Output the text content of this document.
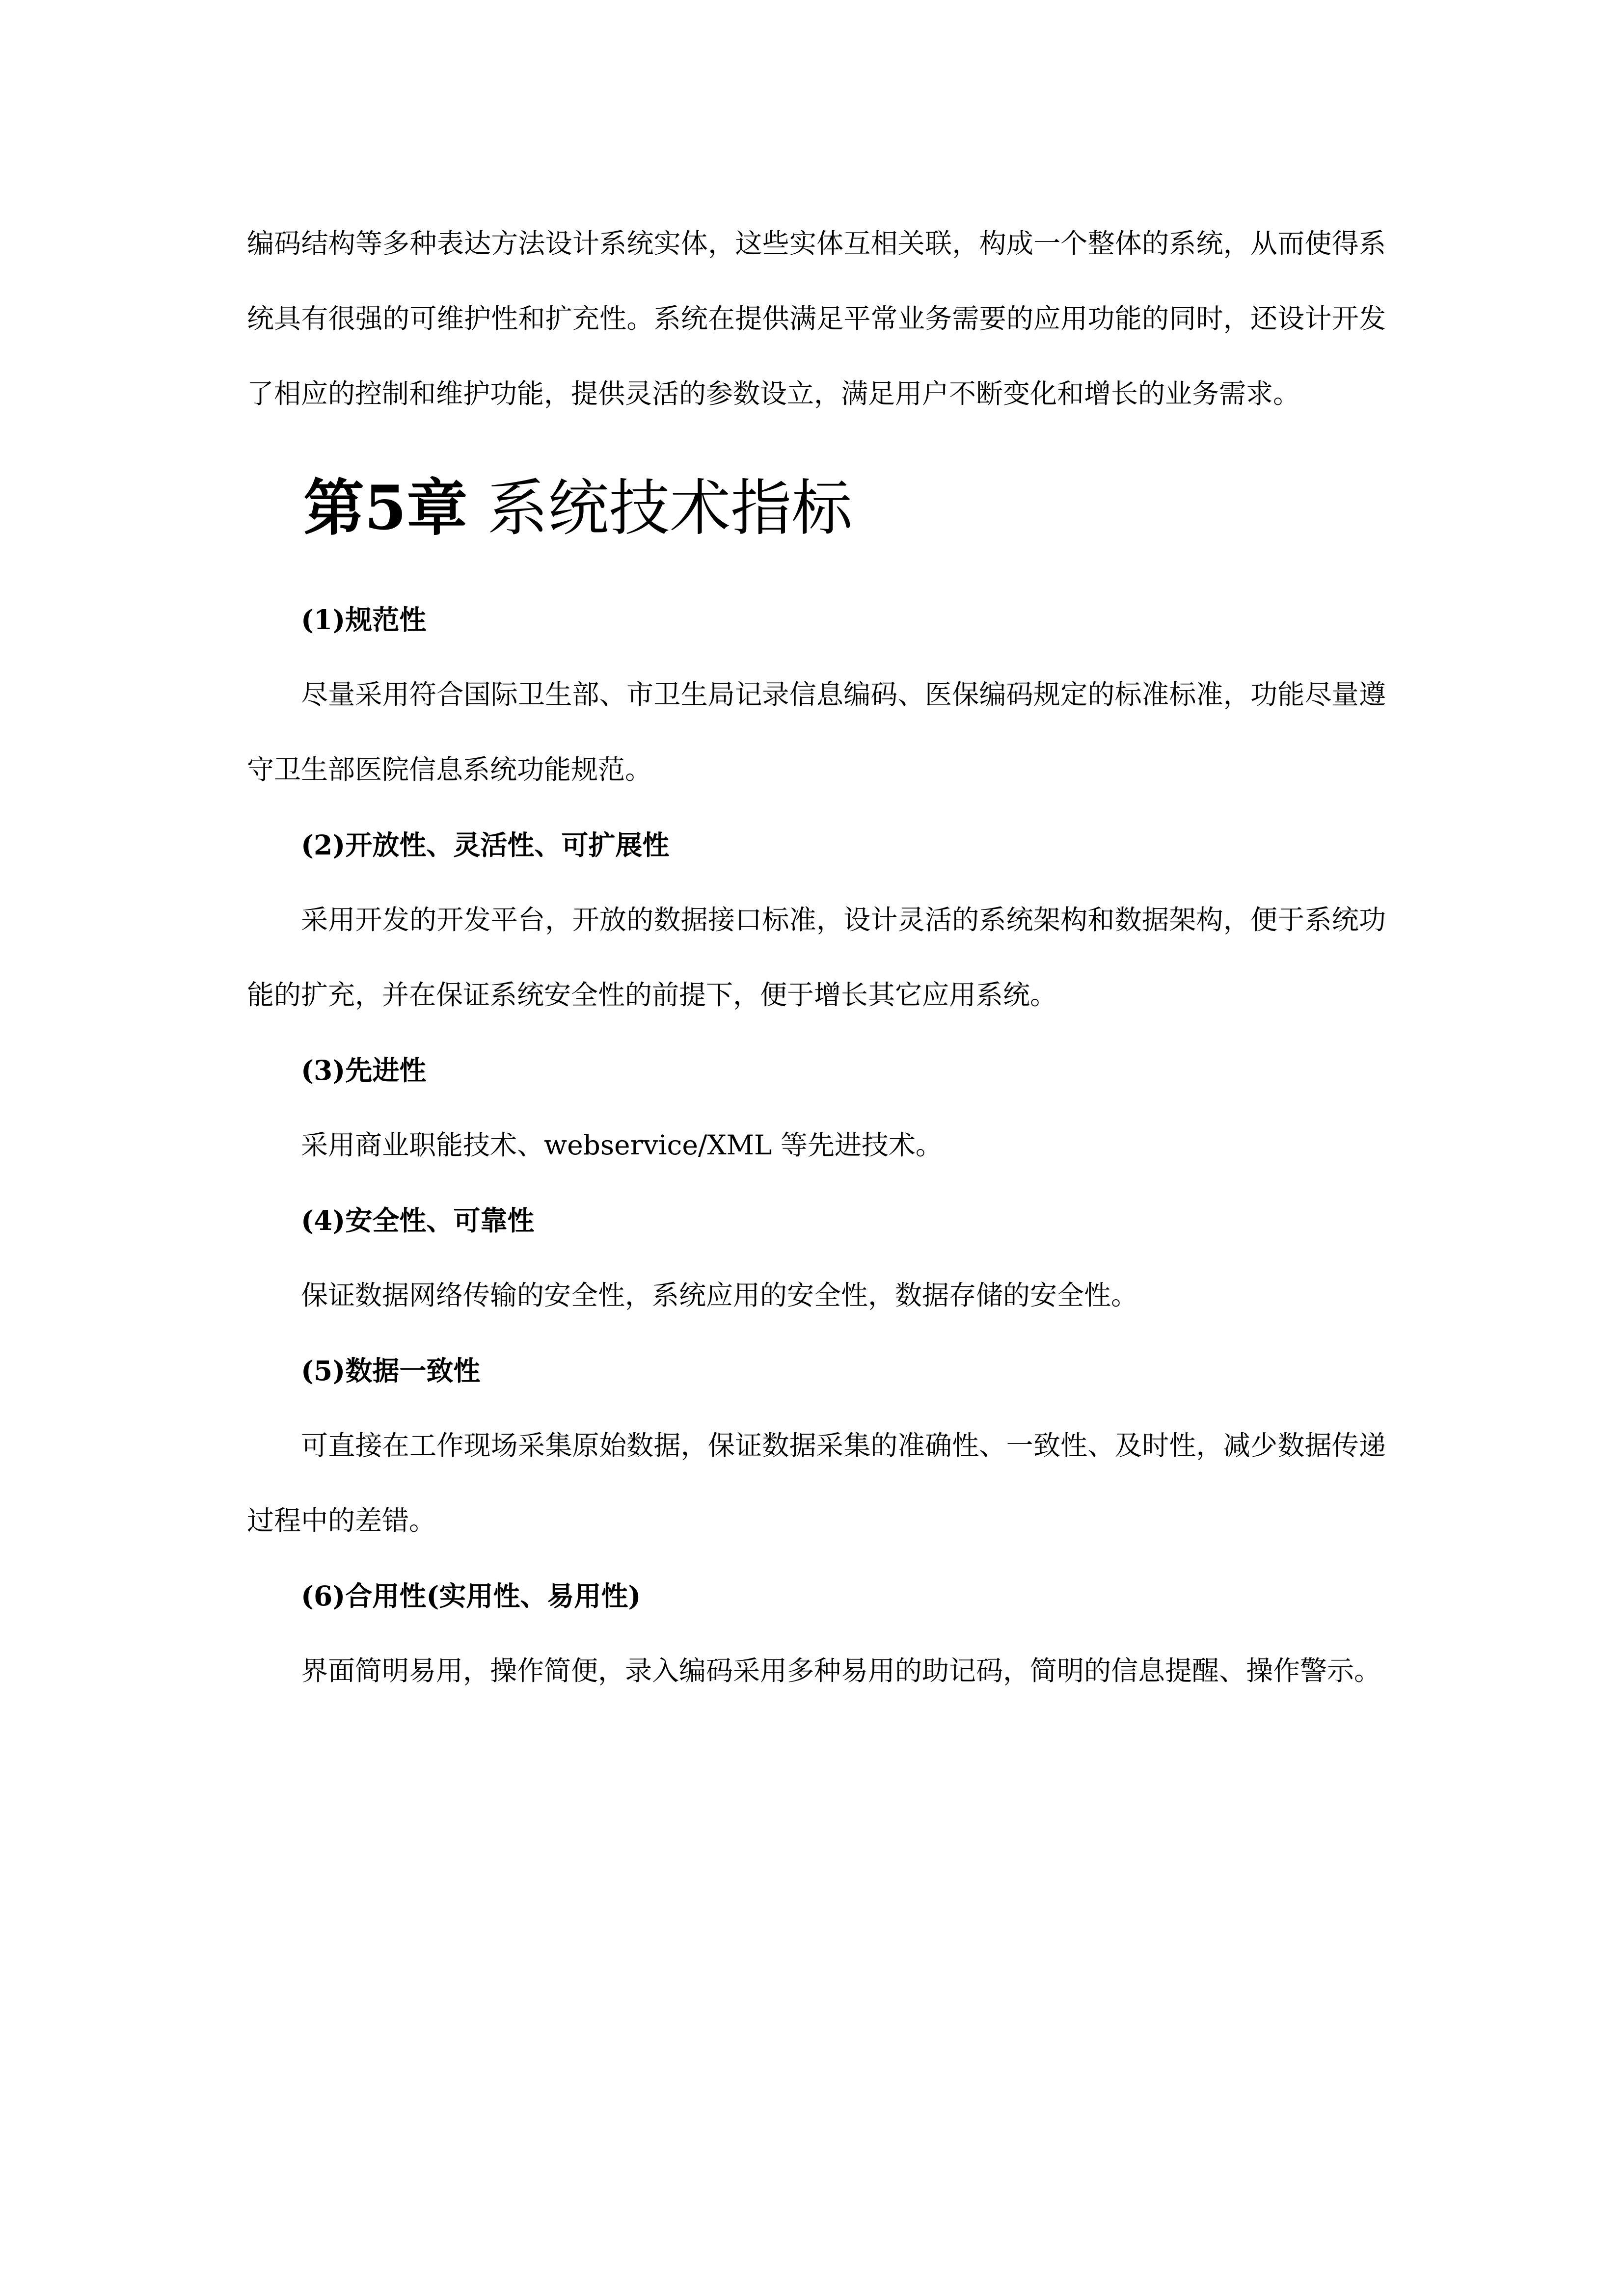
编码结构等多种表达方法设计系统实体，这些实体互相关联，构成一个整体的系统，从而使得系统具有很强的可维护性和扩充性。系统在提供满足平常业务需要的应用功能的同时，还设计开发了相应的控制和维护功能，提供灵活的参数设立，满足用户不断变化和增长的业务需求。

第5章 系统技术指标
(1)规范性

尽量采用符合国际卫生部、市卫生局记录信息编码、医保编码规定的标准标准，功能尽量遵守卫生部医院信息系统功能规范。

(2)开放性、灵活性、可扩展性

采用开发的开发平台，开放的数据接口标准，设计灵活的系统架构和数据架构，便于系统功能的扩充，并在保证系统安全性的前提下，便于增长其它应用系统。

(3)先进性

采用商业职能技术、webservice/XML 等先进技术。

(4)安全性、可靠性

保证数据网络传输的安全性，系统应用的安全性，数据存储的安全性。

(5)数据一致性

可直接在工作现场采集原始数据，保证数据采集的准确性、一致性、及时性，减少数据传递过程中的差错。

(6)合用性(实用性、易用性)

界面简明易用，操作简便，录入编码采用多种易用的助记码，简明的信息提醒、操作警示。
